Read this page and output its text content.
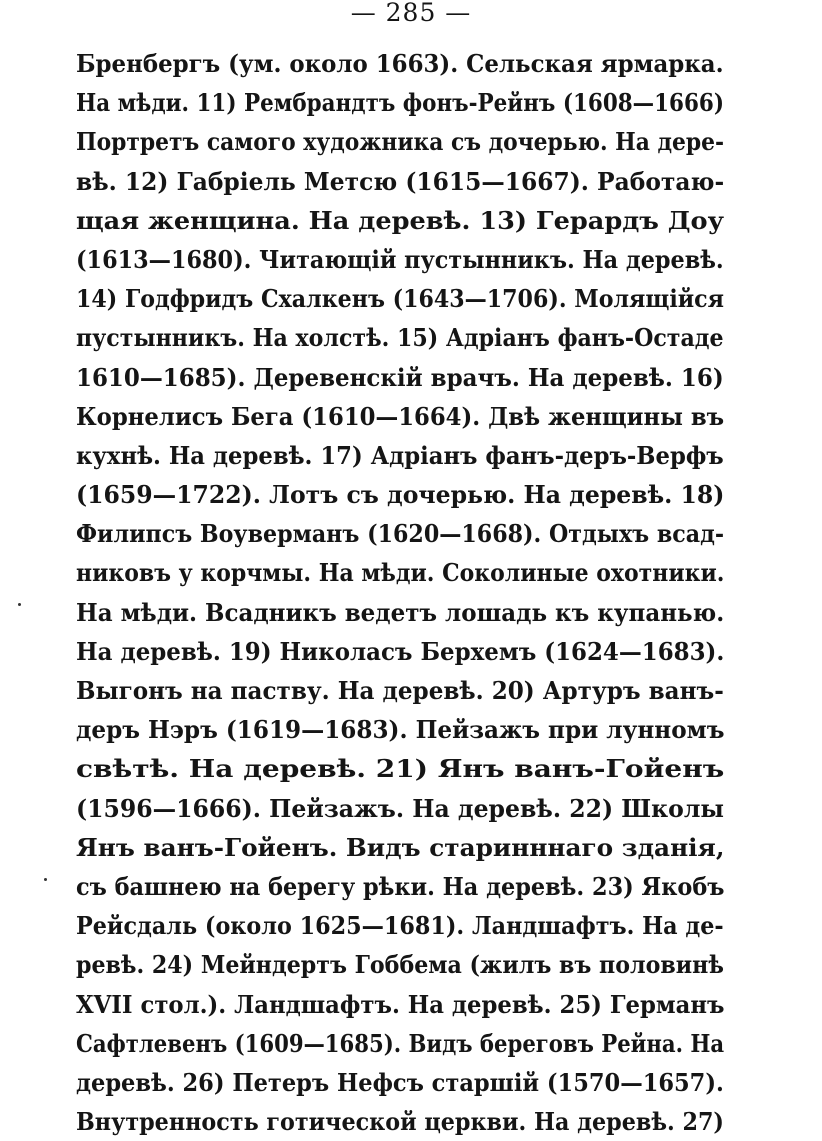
— 285 —
Бренбергъ (ум. около 1663). Сельская ярмарка.
На мѣди. 11) Рембрандтъ фонъ-Рейнъ (1608—1666)
Портретъ самого художника съ дочерью. На дере-
вѣ. 12) Габріель Метсю (1615—1667). Работаю-
щая женщина. На деревѣ. 13) Герардъ Доу
(1613—1680). Читающій пустынникъ. На деревѣ.
14) Годфридъ Схалкенъ (1643—1706). Молящійся
пустынникъ. На холстѣ. 15) Адріанъ фанъ-Остаде
1610—1685). Деревенскій врачъ. На деревѣ. 16)
Корнелисъ Бега (1610—1664). Двѣ женщины въ
кухнѣ. На деревѣ. 17) Адріанъ фанъ-деръ-Верфъ
(1659—1722). Лотъ съ дочерью. На деревѣ. 18)
Филипсъ Воуверманъ (1620—1668). Отдыхъ всад-
никовъ у корчмы. На мѣди. Соколиные охотники.
На мѣди. Всадникъ ведетъ лошадь къ купанью.
На деревѣ. 19) Николасъ Берхемъ (1624—1683).
Выгонъ на паству. На деревѣ. 20) Артуръ ванъ-
деръ Нэръ (1619—1683). Пейзажъ при лунномъ
свѣтѣ. На деревѣ. 21) Янъ ванъ-Гойенъ
(1596—1666). Пейзажъ. На деревѣ. 22) Школы
Янъ ванъ-Гойенъ. Видъ старинннаго зданія,
съ башнею на берегу рѣки. На деревѣ. 23) Якобъ
Рейсдаль (около 1625—1681). Ландшафтъ. На де-
ревѣ. 24) Мейндертъ Гоббема (жилъ въ половинѣ
XVII стол.). Ландшафтъ. На деревѣ. 25) Германъ
Сафтлевенъ (1609—1685). Видъ береговъ Рейна. На
деревѣ. 26) Петеръ Нефсъ старшій (1570—1657).
Внутренность готической церкви. На деревѣ. 27)
